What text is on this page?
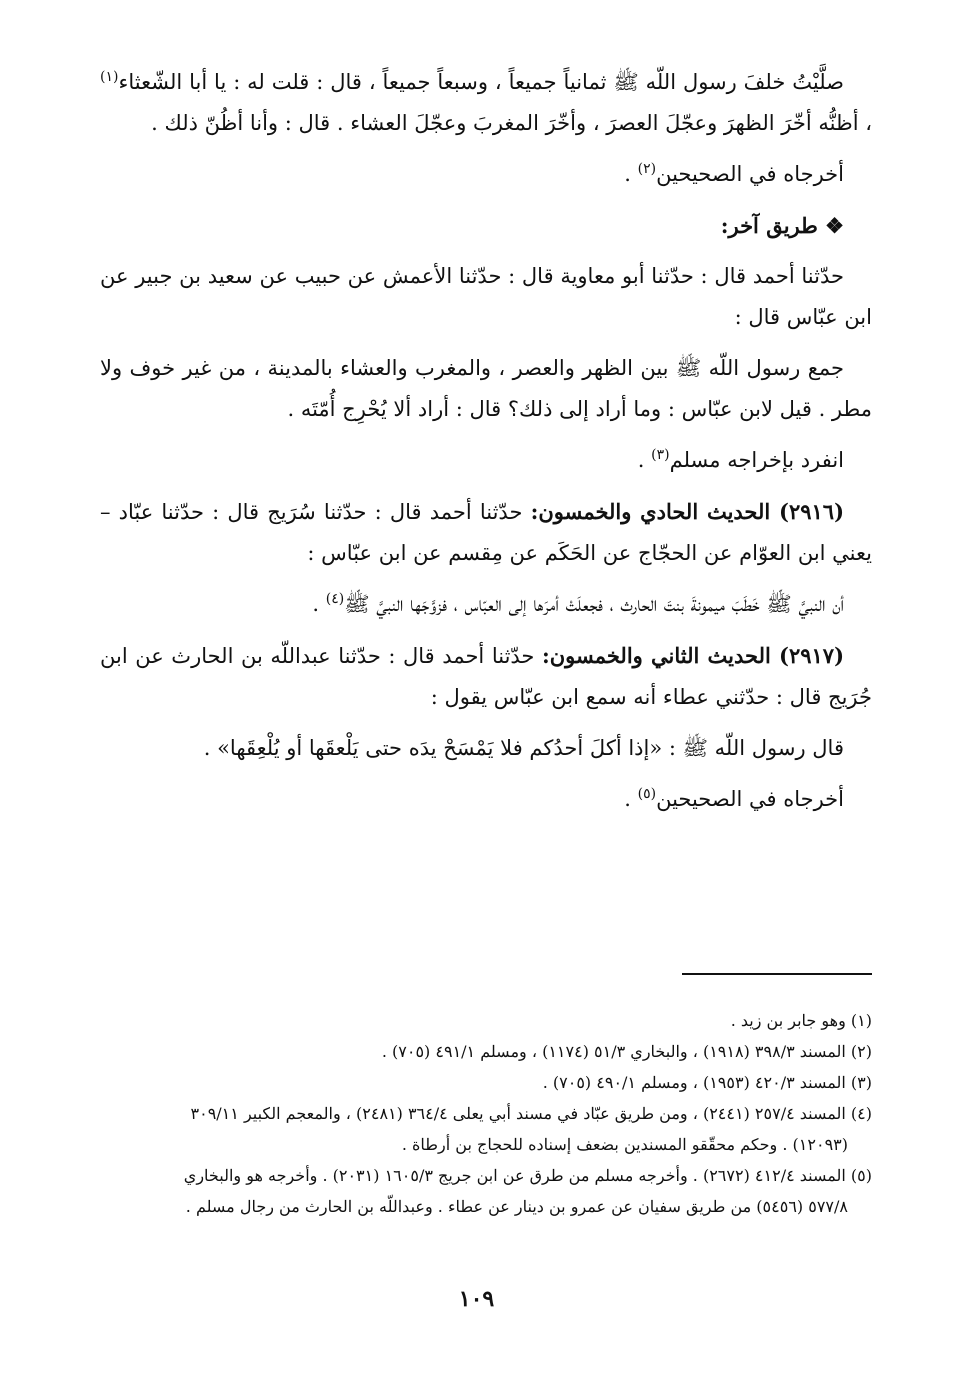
صلَّيْتُ خلفَ رسول اللّه ﷺ ثمانياً جميعاً ، وسبعاً جميعاً ، قال : قلت له : يا أبا الشّعثاء$^{(١)}$ ، أظنُّه أخّرَ الظهرَ وعجّلَ العصرَ ، وأخّرَ المغربَ وعجّلَ العشاء . قال : وأنا أظُنّ ذلك .

أخرجاه في الصحيحين$^{(٢)}$ .

❖ طريق آخر:

حدّثنا أحمد قال : حدّثنا أبو معاوية قال : حدّثنا الأعمش عن حبيب عن سعيد بن جبير عن ابن عبّاس قال :

جمع رسول اللّه ﷺ بين الظهر والعصر ، والمغرب والعشاء بالمدينة ، من غير خوف ولا مطر . قيل لابن عبّاس : وما أراد إلى ذلك؟ قال : أراد ألا يُحْرِج أُمّتَه .

انفرد بإخراجه مسلم$^{(٣)}$ .

(٢٩١٦) الحديث الحادي والخمسون: حدّثنا أحمد قال : حدّثنا سُرَيج قال : حدّثنا عبّاد – يعني ابن العوّام عن الحجّاج عن الحَكَم عن مِقسم عن ابن عبّاس :

أن النبيَّ ﷺ خَطَبَ ميمونةَ بنتَ الحارث ، فجعلَتْ أمرَها إلى العبّاس ، فزوَّجَها النبيَّ ﷺ$^{(٤)}$ .

(٢٩١٧) الحديث الثاني والخمسون: حدّثنا أحمد قال : حدّثنا عبداللّه بن الحارث عن ابن جُرَيج قال : حدّثني عطاء أنه سمع ابن عبّاس يقول :

قال رسول اللّه ﷺ : «إذا أكلَ أحدُكم فلا يَمْسَحْ يدَه حتى يَلْعقَها أو يُلْعِقَها» .

أخرجاه في الصحيحين$^{(٥)}$ .

(١) وهو جابر بن زيد .

(٢) المسند ٣٩٨/٣ (١٩١٨) ، والبخاري ٥١/٣ (١١٧٤) ، ومسلم ٤٩١/١ (٧٠٥) .

(٣) المسند ٤٢٠/٣ (١٩٥٣) ، ومسلم ٤٩٠/١ (٧٠٥) .

(٤) المسند ٢٥٧/٤ (٢٤٤١) ، ومن طريق عبّاد في مسند أبي يعلى ٣٦٤/٤ (٢٤٨١) ، والمعجم الكبير ٣٠٩/١١

(١٢٠٩٣) . وحكم محقّقو المسندين بضعف إسناده للحجاج بن أرطاة .

(٥) المسند ٤١٢/٤ (٢٦٧٢) . وأخرجه مسلم من طرق عن ابن جريج ١٦٠٥/٣ (٢٠٣١) . وأخرجه هو والبخاري

٥٧٧/٨ (٥٤٥٦) من طريق سفيان عن عمرو بن دينار عن عطاء . وعبداللّه بن الحارث من رجال مسلم .

١٠٩
